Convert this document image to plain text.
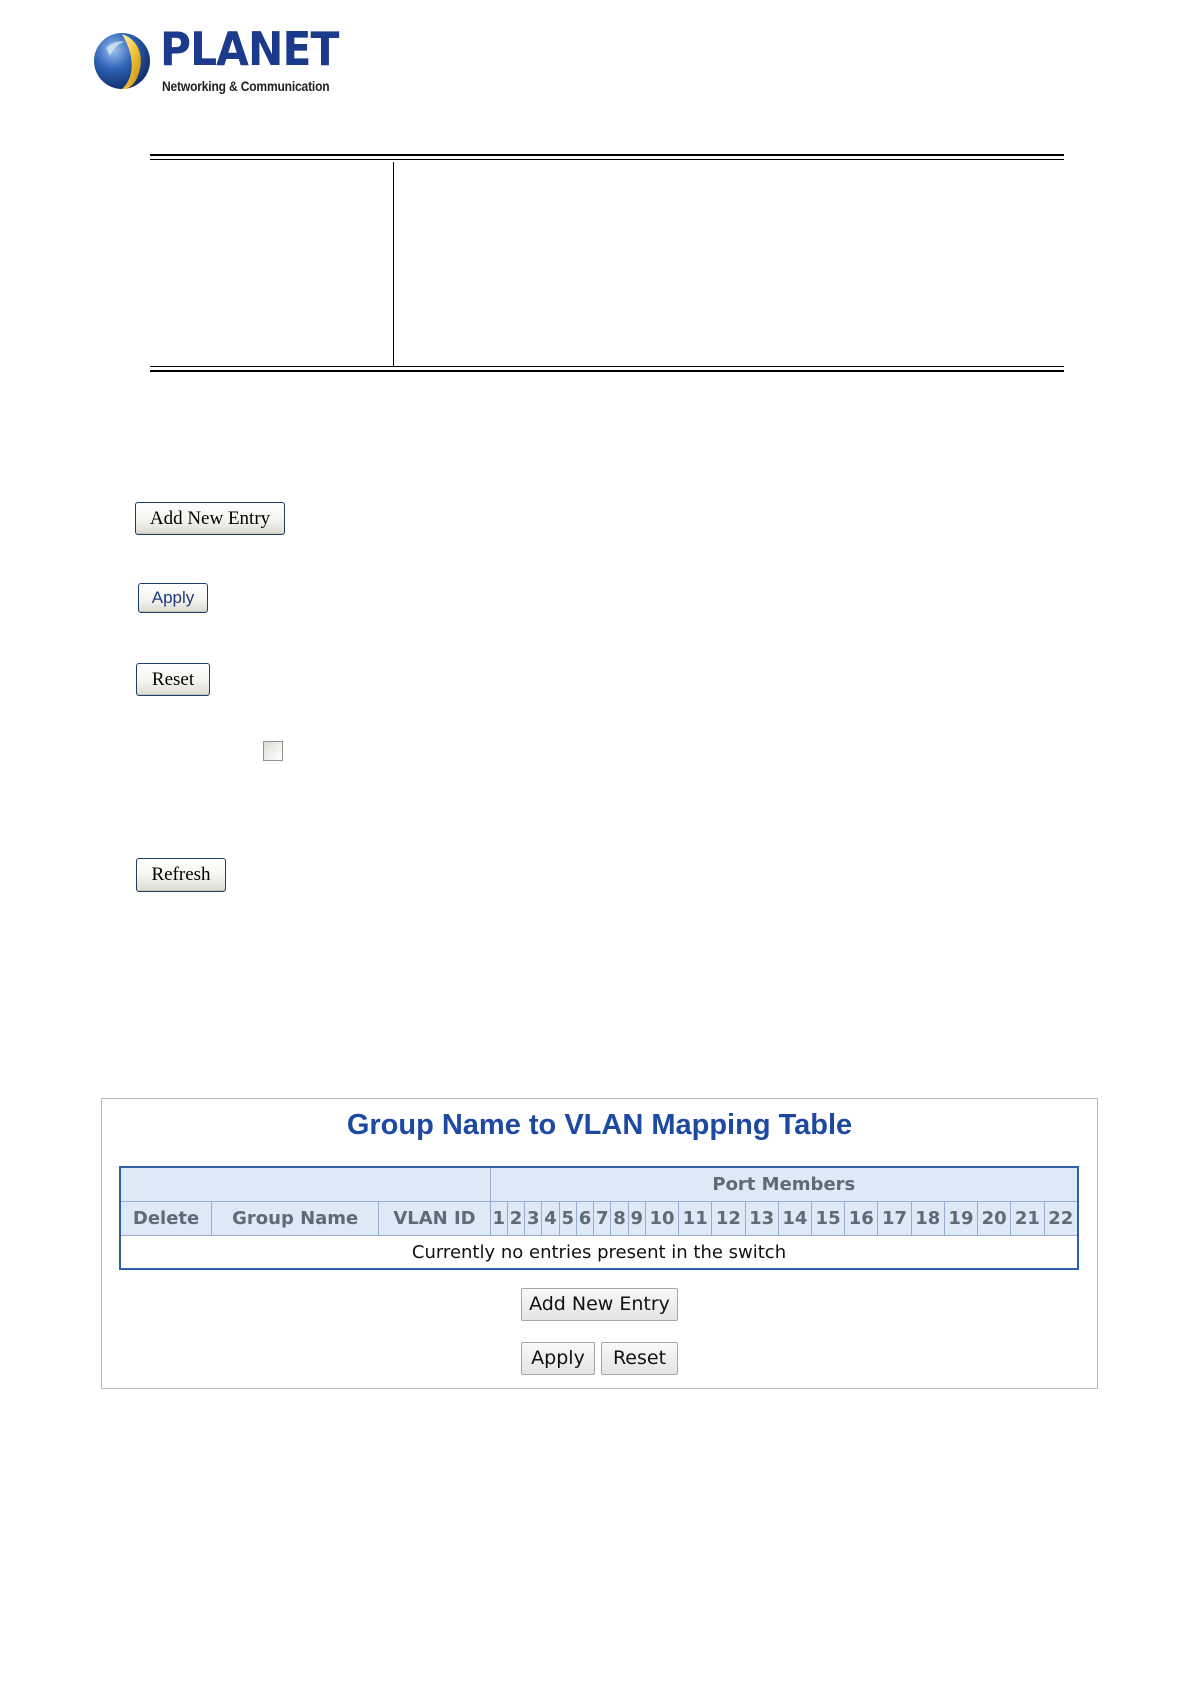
PLANET
Networking & Communication
Add New Entry
Apply
Reset
Refresh
Group Name to VLAN Mapping Table
			Port Members																					
Delete	Group Name	VLAN ID	1	2	3	4	5	6	7	8	9	10	11	12	13	14	15	16	17	18	19	20	21	22
Currently no entries present in the switch																								
Add New Entry
Apply	Reset
